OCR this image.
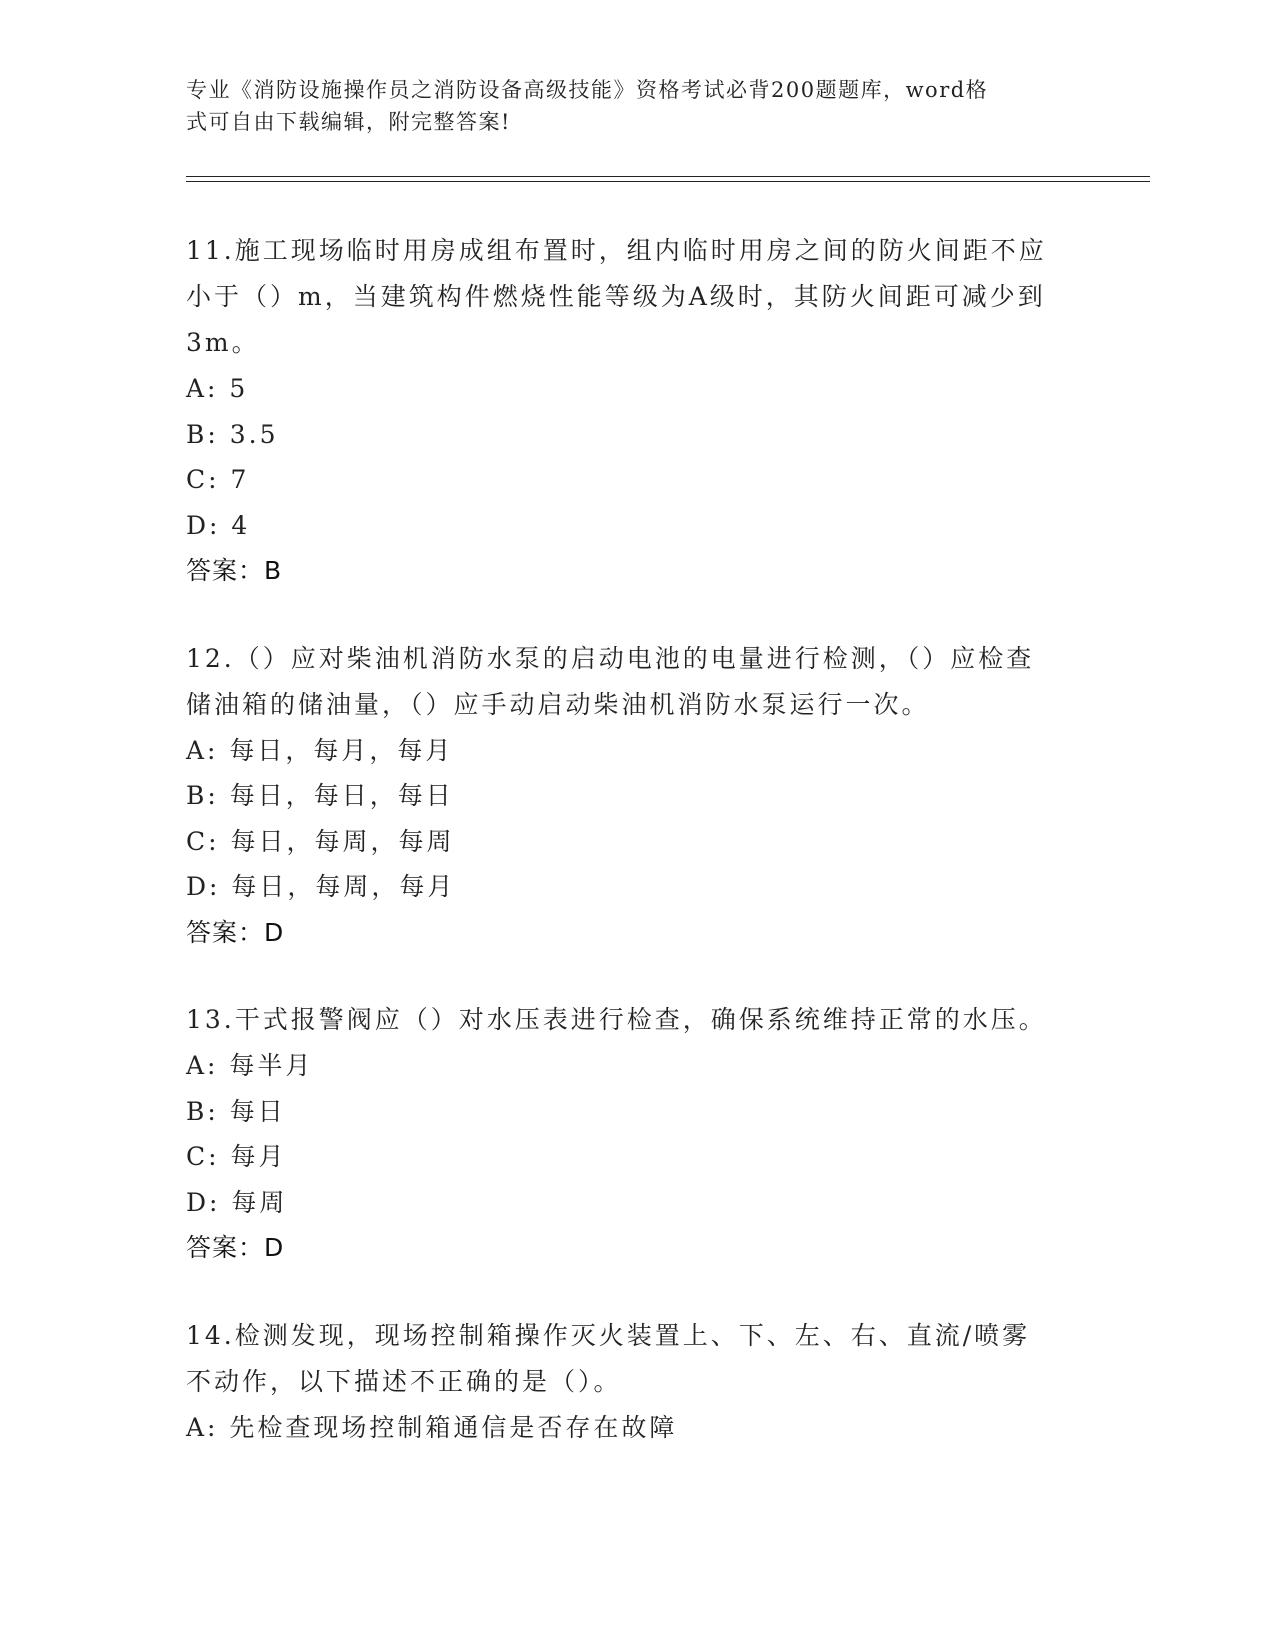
专业《消防设施操作员之消防设备高级技能》资格考试必背200题题库，word格
式可自由下载编辑，附完整答案!

11.施工现场临时用房成组布置时，组内临时用房之间的防火间距不应

小于（）m，当建筑构件燃烧性能等级为A级时，其防火间距可减少到

3m。

A: 5

B: 3.5

C: 7

D: 4

答案：B

12.（）应对柴油机消防水泵的启动电池的电量进行检测，（）应检查

储油箱的储油量，（）应手动启动柴油机消防水泵运行一次。

A: 每日，每月，每月

B: 每日，每日，每日

C: 每日，每周，每周

D: 每日，每周，每月

答案：D

13.干式报警阀应（）对水压表进行检查，确保系统维持正常的水压。

A: 每半月

B: 每日

C: 每月

D: 每周

答案：D

14.检测发现，现场控制箱操作灭火装置上、下、左、右、直流/喷雾

不动作，以下描述不正确的是（）。

A: 先检查现场控制箱通信是否存在故障
